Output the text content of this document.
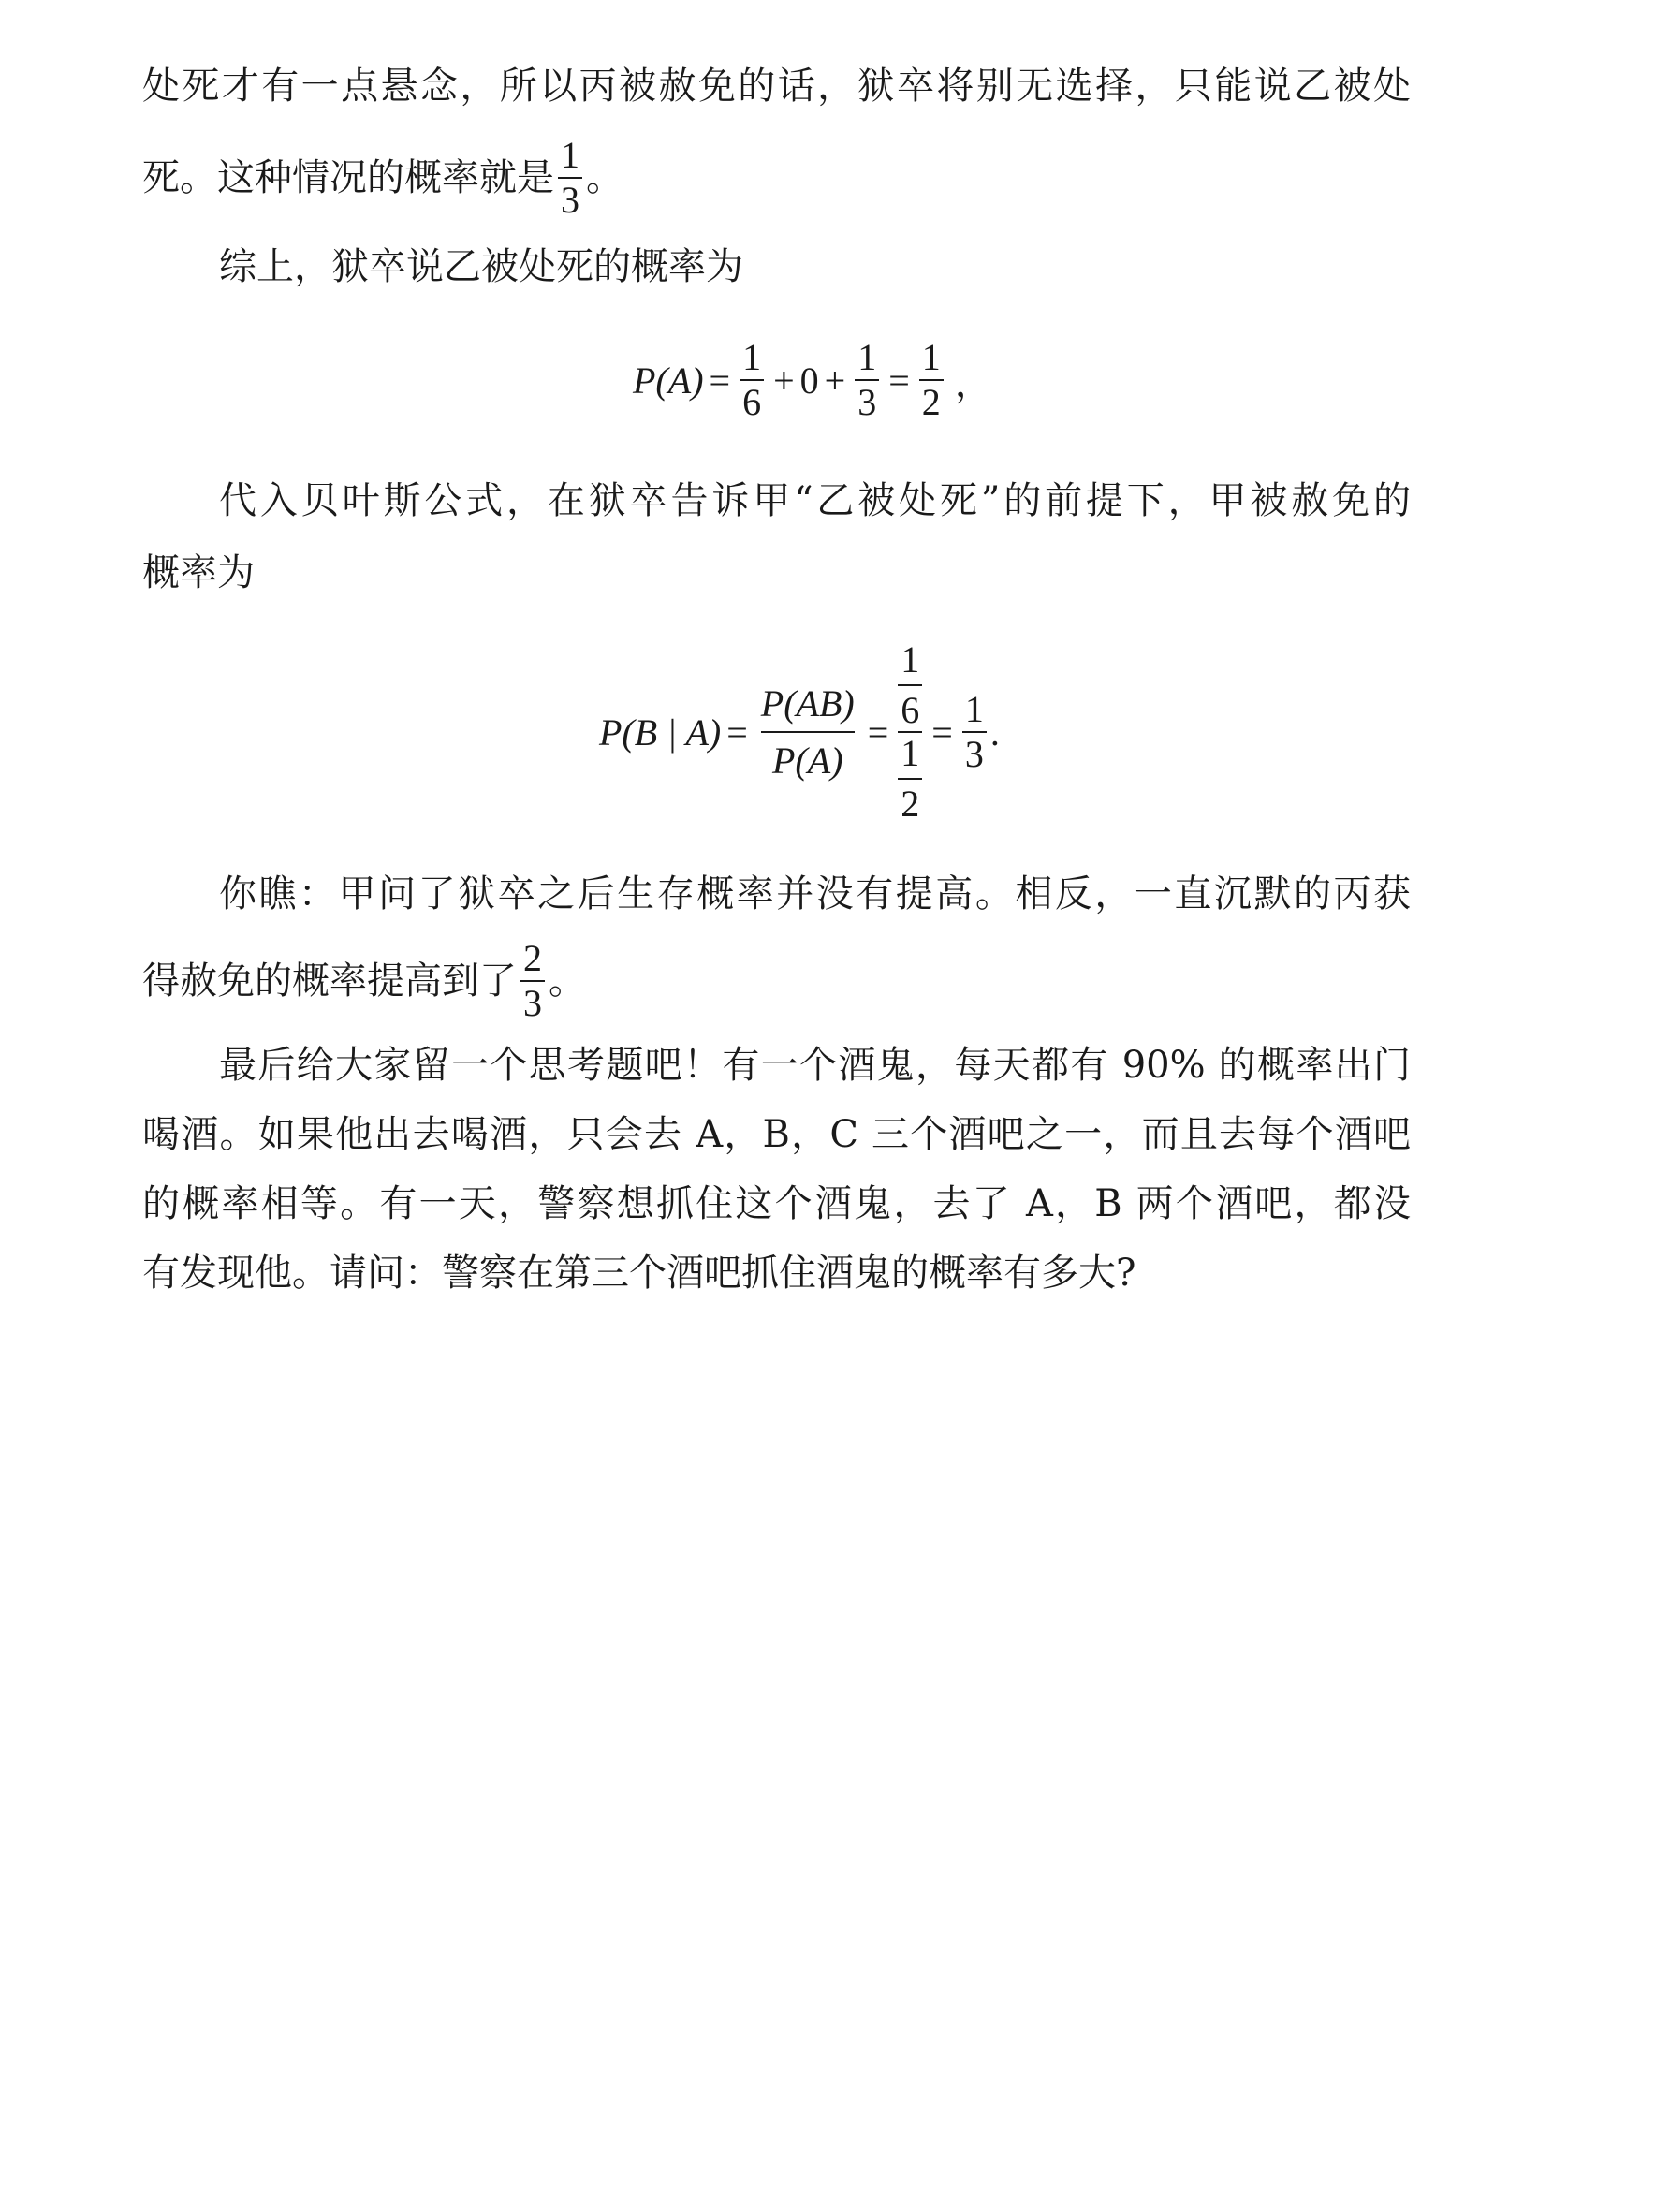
处死才有一点悬念，所以丙被赦免的话，狱卒将别无选择，只能说乙被处
死。这种情况的概率就是 $\frac{1}{3}$ 。
综上，狱卒说乙被处死的概率为
$P(A) = \frac{1}{6} + 0 + \frac{1}{3} = \frac{1}{2}$ ，
代入贝叶斯公式，在狱卒告诉甲“乙被处死”的前提下，甲被赦免的
概率为
P(B | $A) = \frac{P(AB)}{P(A)}$ =
$\frac{1}{6}$
$\frac{1}{2}$
= $\frac{1}{3}$ .
你瞧：甲问了狱卒之后生存概率并没有提高。相反，一直沉默的丙获
得赦免的概率提高到了 $\frac{2}{3}$ 。
最后给大家留一个思考题吧！有一个酒鬼，每天都有 90% 的概率出门
喝酒。如果他出去喝酒，只会去 A，B，C 三个酒吧之一，而且去每个酒吧
的概率相等。有一天，警察想抓住这个酒鬼，去了 A，B 两个酒吧，都没
有发现他。请问：警察在第三个酒吧抓住酒鬼的概率有多大?
